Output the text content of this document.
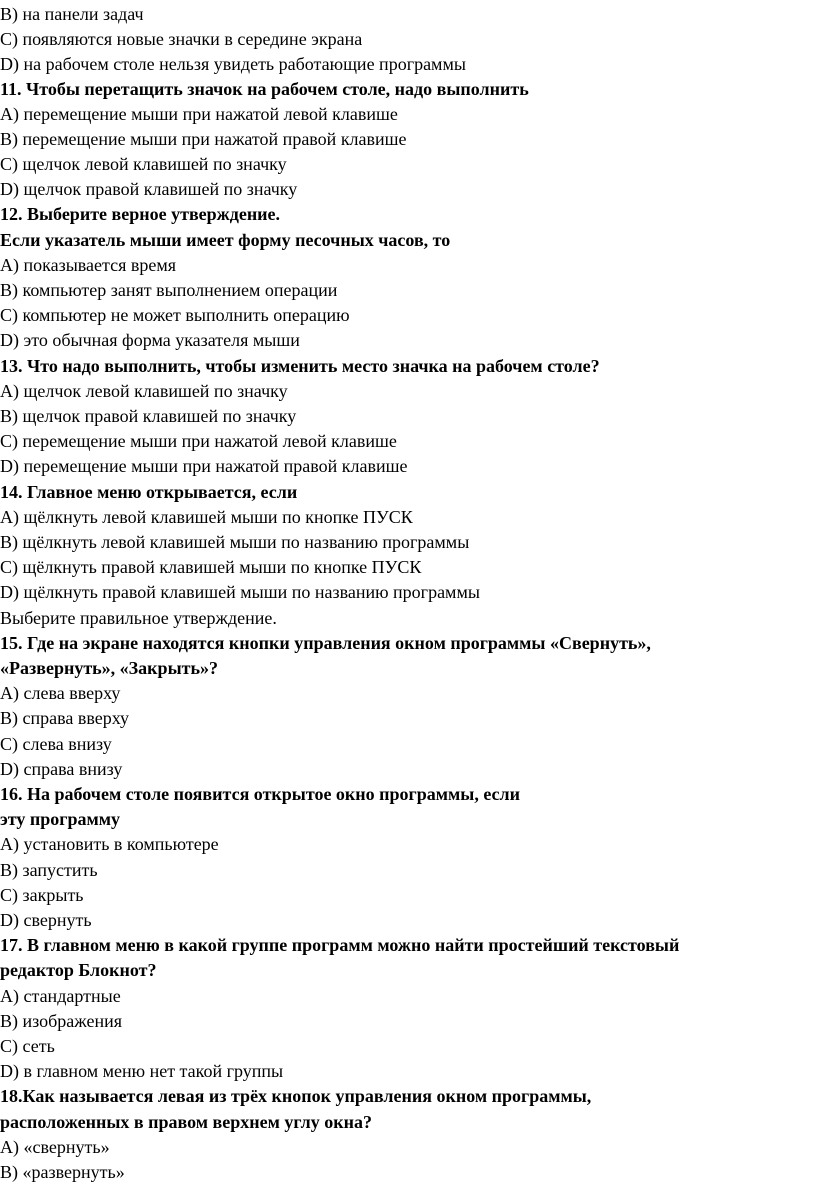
B) на панели задач

C) появляются новые значки в середине экрана

D) на рабочем столе нельзя увидеть работающие программы

11. Чтобы перетащить значок на рабочем столе, надо выполнить

A) перемещение мыши при нажатой левой клавише

B) перемещение мыши при нажатой правой клавише

C) щелчок левой клавишей по значку

D) щелчок правой клавишей по значку

12. Выберите верное утверждение.

Если указатель мыши имеет форму песочных часов, то

A) показывается время

B) компьютер занят выполнением операции

C) компьютер не может выполнить операцию

D) это обычная форма указателя мыши

13. Что надо выполнить, чтобы изменить место значка на рабочем столе?

A) щелчок левой клавишей по значку

B) щелчок правой клавишей по значку

C) перемещение мыши при нажатой левой клавише

D) перемещение мыши при нажатой правой клавише

14. Главное меню открывается, если

A) щёлкнуть левой клавишей мыши по кнопке ПУСК

B) щёлкнуть левой клавишей мыши по названию программы

C) щёлкнуть правой клавишей мыши по кнопке ПУСК

D) щёлкнуть правой клавишей мыши по названию программы

Выберите правильное утверждение.

15. Где на экране находятся кнопки управления окном программы «Свернуть»,

«Развернуть», «Закрыть»?

A) слева вверху

B) справа вверху

C) слева внизу

D) справа внизу

16. На рабочем столе появится открытое окно программы, если

эту программу

A) установить в компьютере

B) запустить

C) закрыть

D) свернуть

17. В главном меню в какой группе программ можно найти простейший текстовый

редактор Блокнот?

A) стандартные

B) изображения

C) сеть

D) в главном меню нет такой группы

18.Как называется левая из трёх кнопок управления окном программы,

расположенных в правом верхнем углу окна?

A) «свернуть»

B) «развернуть»
